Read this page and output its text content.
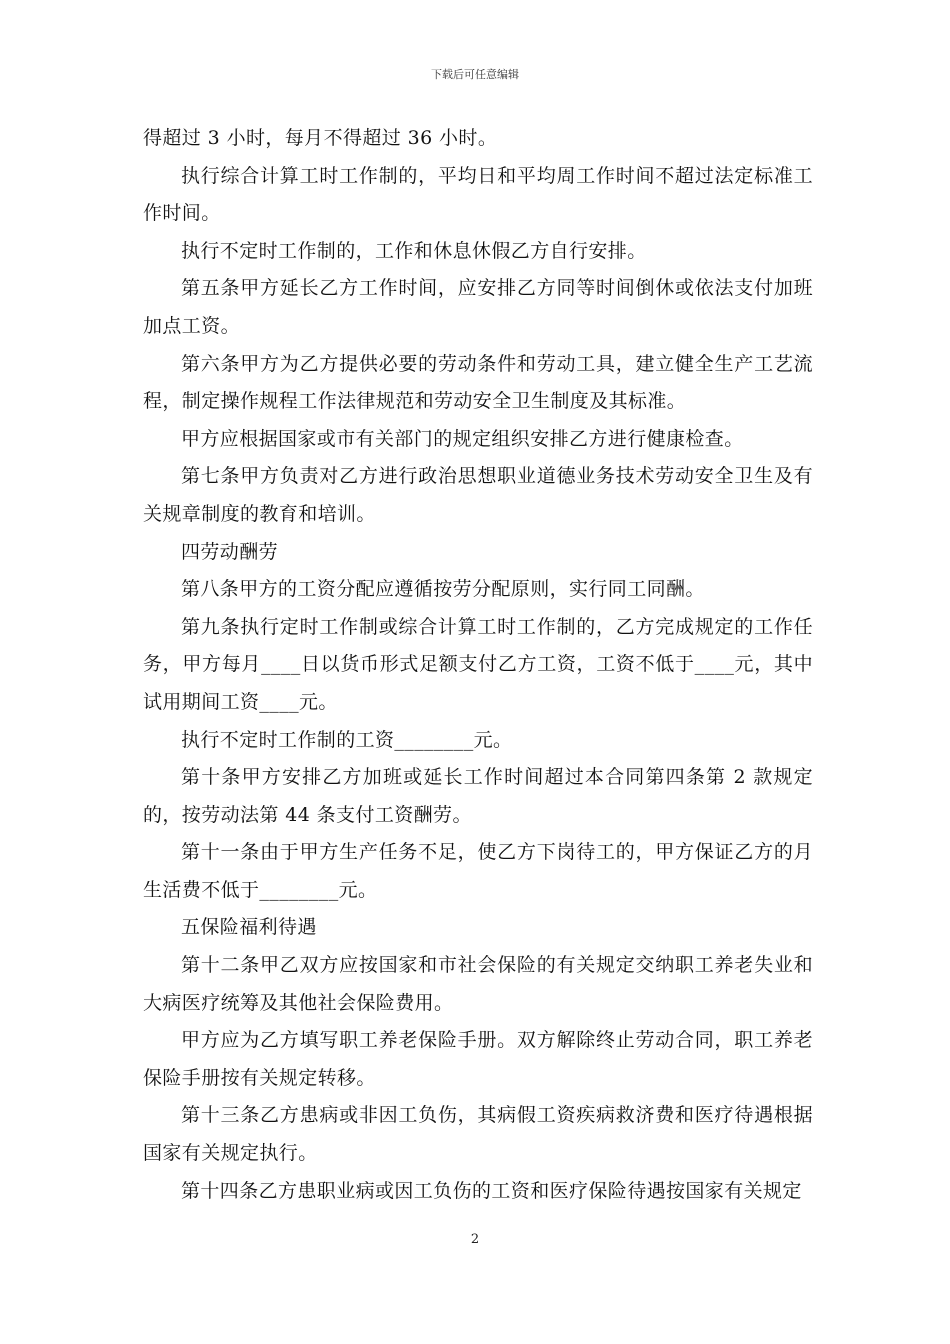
下载后可任意编辑

得超过 3 小时，每月不得超过 36 小时。

执行综合计算工时工作制的，平均日和平均周工作时间不超过法定标准工作时间。

执行不定时工作制的，工作和休息休假乙方自行安排。

第五条甲方延长乙方工作时间，应安排乙方同等时间倒休或依法支付加班加点工资。

第六条甲方为乙方提供必要的劳动条件和劳动工具，建立健全生产工艺流程，制定操作规程工作法律规范和劳动安全卫生制度及其标准。

甲方应根据国家或市有关部门的规定组织安排乙方进行健康检查。

第七条甲方负责对乙方进行政治思想职业道德业务技术劳动安全卫生及有关规章制度的教育和培训。

四劳动酬劳

第八条甲方的工资分配应遵循按劳分配原则，实行同工同酬。

第九条执行定时工作制或综合计算工时工作制的，乙方完成规定的工作任务，甲方每月____日以货币形式足额支付乙方工资，工资不低于____元，其中试用期间工资____元。

执行不定时工作制的工资________元。

第十条甲方安排乙方加班或延长工作时间超过本合同第四条第 2 款规定的，按劳动法第 44 条支付工资酬劳。

第十一条由于甲方生产任务不足，使乙方下岗待工的，甲方保证乙方的月生活费不低于________元。

五保险福利待遇

第十二条甲乙双方应按国家和市社会保险的有关规定交纳职工养老失业和大病医疗统筹及其他社会保险费用。

甲方应为乙方填写职工养老保险手册。双方解除终止劳动合同，职工养老保险手册按有关规定转移。

第十三条乙方患病或非因工负伤，其病假工资疾病救济费和医疗待遇根据国家有关规定执行。

第十四条乙方患职业病或因工负伤的工资和医疗保险待遇按国家有关规定

2
